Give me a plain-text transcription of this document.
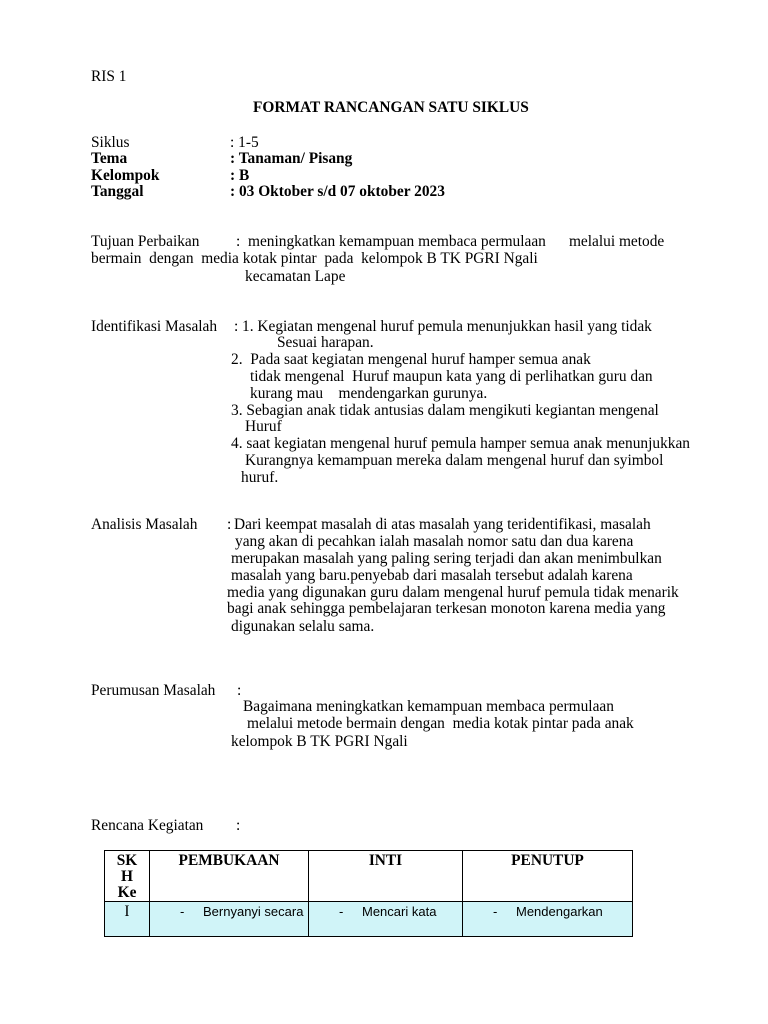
RIS 1
FORMAT RANCANGAN SATU SIKLUS
Siklus	: 1-5
Tema	: Tanaman/ Pisang
Kelompok	: B
Tanggal	: 03 Oktober s/d 07 oktober 2023
Tujuan Perbaikan : meningkatkan kemampuan membaca permulaan      melalui metode
bermain  dengan  media kotak pintar  pada  kelompok B TK PGRI Ngali
kecamatan Lape
Identifikasi Masalah : 1. Kegiatan mengenal huruf pemula menunjukkan hasil yang tidak
Sesuai harapan.
2.  Pada saat kegiatan mengenal huruf hamper semua anak
tidak mengenal  Huruf maupun kata yang di perlihatkan guru dan
kurang mau    mendengarkan gurunya.
3. Sebagian anak tidak antusias dalam mengikuti kegiantan mengenal
Huruf
4. saat kegiatan mengenal huruf pemula hamper semua anak menunjukkan
Kurangnya kemampuan mereka dalam mengenal huruf dan syimbol
huruf.
Analisis Masalah : Dari keempat masalah di atas masalah yang teridentifikasi, masalah
yang akan di pecahkan ialah masalah nomor satu dan dua karena
merupakan masalah yang paling sering terjadi dan akan menimbulkan
masalah yang baru.penyebab dari masalah tersebut adalah karena
media yang digunakan guru dalam mengenal huruf pemula tidak menarik
bagi anak sehingga pembelajaran terkesan monoton karena media yang
digunakan selalu sama.
Perumusan Masalah :
Bagaimana meningkatkan kemampuan membaca permulaan
melalui metode bermain dengan  media kotak pintar pada anak
kelompok B TK PGRI Ngali
Rencana Kegiatan :
SK
H
Ke	PEMBUKAAN	INTI	PENUTUP
I	- Bernyanyi secara	- Mencari kata	- Mendengarkan
